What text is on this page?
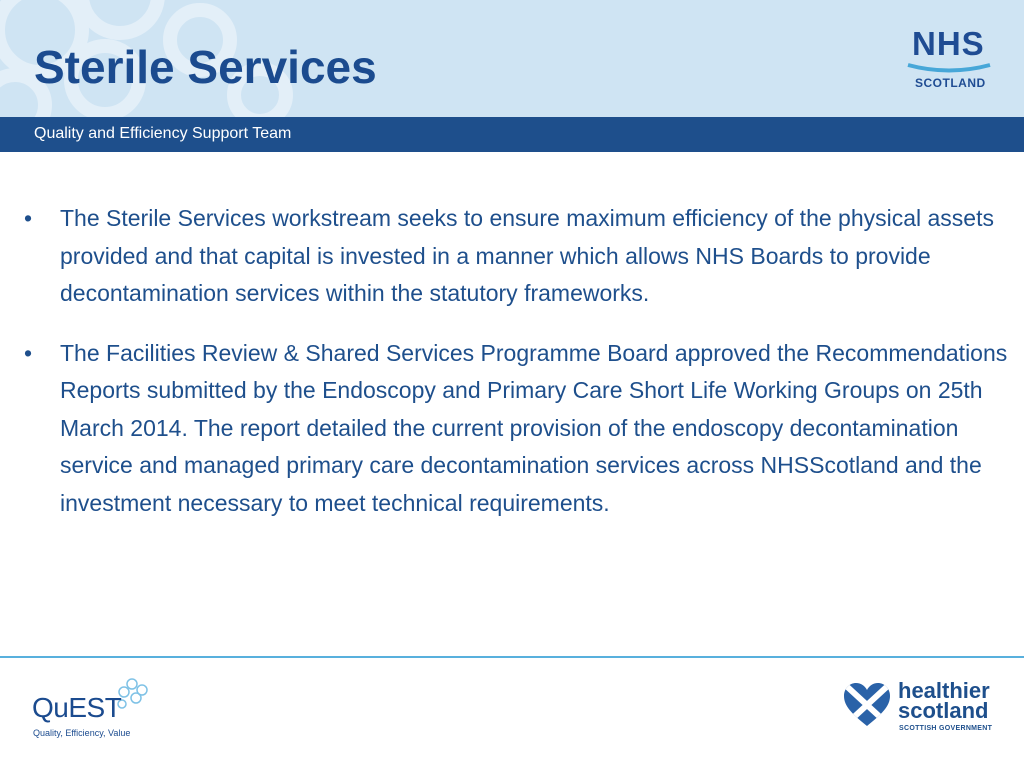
Sterile Services	NHS
SCOTLAND
Quality and Efficiency Support Team
• The Sterile Services workstream seeks to ensure maximum efficiency of the physical assets provided and that capital is invested in a manner which allows NHS Boards to provide decontamination services within the statutory frameworks.
• The Facilities Review & Shared Services Programme Board approved the Recommendations Reports submitted by the Endoscopy and Primary Care Short Life Working Groups on 25th March 2014. The report detailed the current provision of the endoscopy decontamination service and managed primary care decontamination services across NHSScotland and the investment necessary to meet technical requirements.
QuEST
Quality, Efficiency, Value
healthier
scotland
SCOTTISH GOVERNMENT
